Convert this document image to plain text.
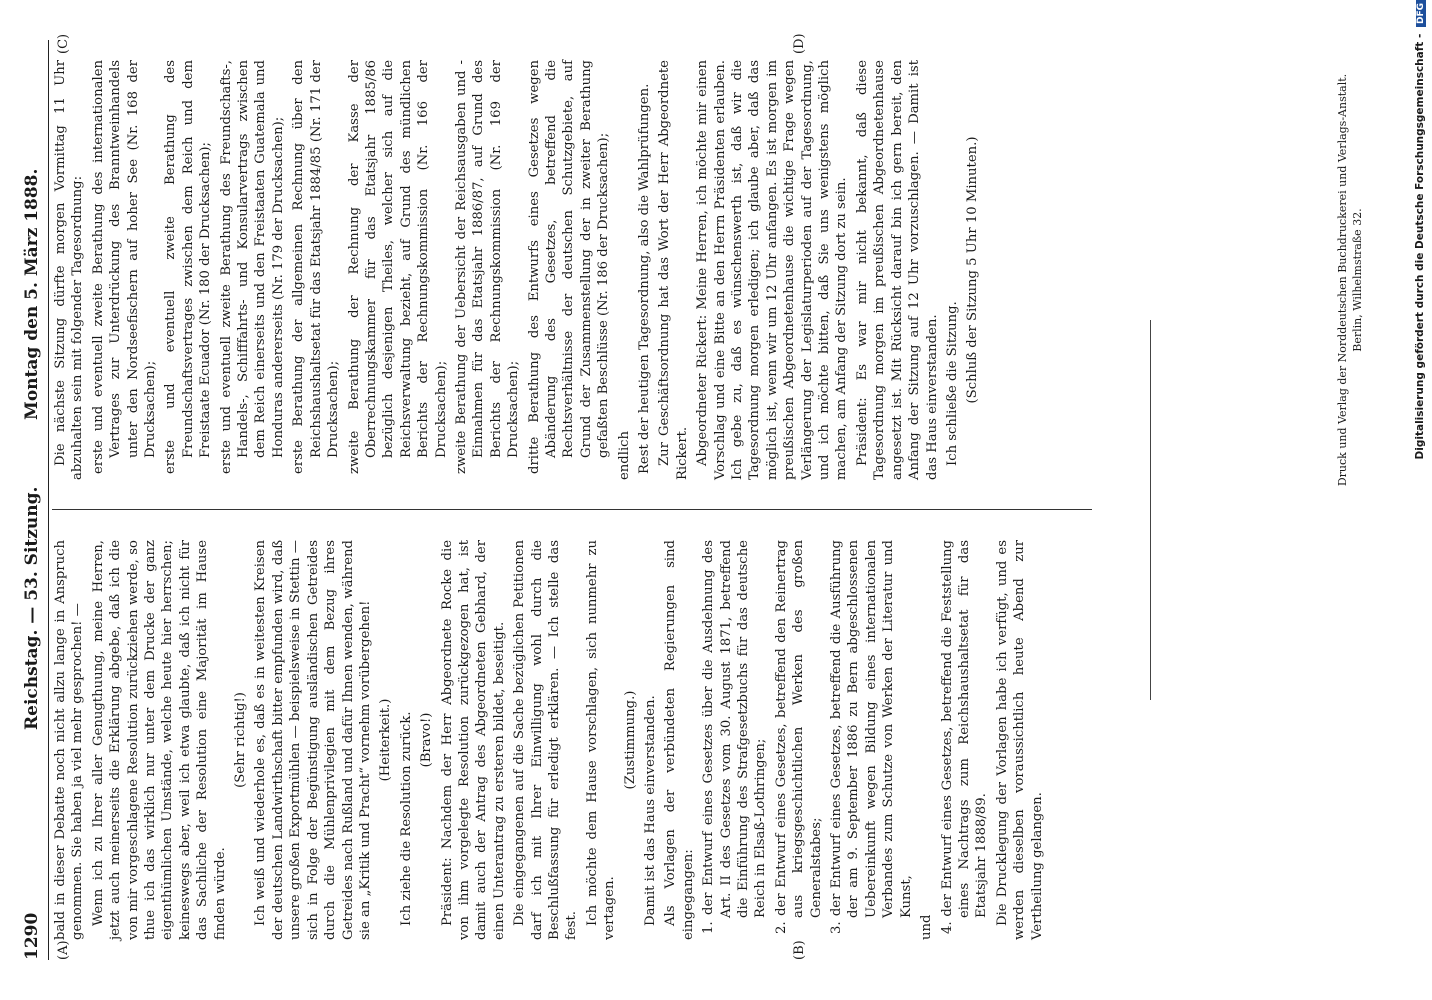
1290
Reichstag. — 53. Sitzung.
Montag den 5. März 1888.
(A)	(B)
(C)	(D)

bald in dieser Debatte noch nicht allzu lange in Anspruch genommen. Sie haben ja viel mehr gesprochen! — Wenn ich zu Ihrer aller Genugthuung, meine Herren, jetzt auch meinerseits die Erklärung abgebe, daß ich die von mir vorgeschlagene Resolution zurückziehen werde, so thue ich das wirklich nur unter dem Drucke der ganz eigenthümlichen Umstände, welche heute hier herrschen; keineswegs aber, weil ich etwa glaubte, daß ich nicht für das Sachliche der Resolution eine Majorität im Hause finden würde.

(Sehr richtig!) Ich weiß und wiederhole es, daß es in weitesten Kreisen der deutschen Landwirthschaft bitter empfunden wird, daß unsere großen Exportmühlen — beispielsweise in Stettin — sich in Folge der Begünstigung ausländischen Getreides durch die Mühlenprivilegien mit dem Bezug ihres Getreides nach Rußland und dafür Ihnen wenden, während sie an „Kritik und Pracht“ vornehm vorübergehen! (Heiterkeit.) Ich ziehe die Resolution zurück. (Bravo!) Präsident: Nachdem der Herr Abgeordnete Rocke die von ihm vorgelegte Resolution zurückgezogen hat, ist damit auch der Antrag des Abgeordneten Gebhard, der einen Unterantrag zu ersteren bildet, beseitigt. Die eingegangenen auf die Sache bezüglichen Petitionen darf ich mit Ihrer Einwilligung wohl durch die Beschlußfassung für erledigt erklären. — Ich stelle das fest. Ich möchte dem Hause vorschlagen, sich nunmehr zu vertagen.

(Zustimmung.) Damit ist das Haus einverstanden. Als Vorlagen der verbündeten Regierungen sind eingegangen: 1. der Entwurf eines Gesetzes über die Ausdehnung des Art. II des Gesetzes vom 30. August 1871, betreffend die Einführung des Strafgesetzbuchs für das deutsche Reich in Elsaß-Lothringen; 2. der Entwurf eines Gesetzes, betreffend den Reinertrag aus kriegsgeschichtlichen Werken des großen Generalstabes; 3. der Entwurf eines Gesetzes, betreffend die Ausführung der am 9. September 1886 zu Bern abgeschlossenen Uebereinkunft wegen Bildung eines internationalen Verbandes zum Schutze von Werken der Literatur und Kunst,

und 4. der Entwurf eines Gesetzes, betreffend die Feststellung eines Nachtrags zum Reichshaushaltsetat für das Etatsjahr 1888/89. Die Drucklegung der Vorlagen habe ich verfügt, und es werden dieselben voraussichtlich heute Abend zur Vertheilung gelangen.

Die nächste Sitzung dürfte morgen Vormittag 11 Uhr abzuhalten sein mit folgender Tagesordnung: erste und eventuell zweite Berathung des internationalen Vertrages zur Unterdrückung des Branntweinhandels unter den Nordseefischern auf hoher See (Nr. 168 der Drucksachen); erste und eventuell zweite Berathung des Freundschaftsvertrages zwischen dem Reich und dem Freistaate Ecuador (Nr. 180 der Drucksachen); erste und eventuell zweite Berathung des Freundschafts-, Handels-, Schifffahrts- und Konsularvertrags zwischen dem Reich einerseits und den Freistaaten Guatemala und Honduras andererseits (Nr. 179 der Drucksachen); erste Berathung der allgemeinen Rechnung über den Reichshaushaltsetat für das Etatsjahr 1884/85 (Nr. 171 der Drucksachen); zweite Berathung der Rechnung der Kasse der Oberrechnungskammer für das Etatsjahr 1885/86 bezüglich desjenigen Theiles, welcher sich auf die Reichsverwaltung bezieht, auf Grund des mündlichen Berichts der Rechnungskommission (Nr. 166 der Drucksachen); zweite Berathung der Uebersicht der Reichsausgaben und -Einnahmen für das Etatsjahr 1886/87, auf Grund des Berichts der Rechnungskommission (Nr. 169 der Drucksachen); dritte Berathung des Entwurfs eines Gesetzes wegen Abänderung des Gesetzes, betreffend die Rechtsverhältnisse der deutschen Schutzgebiete, auf Grund der Zusammenstellung der in zweiter Berathung gefaßten Beschlüsse (Nr. 186 der Drucksachen); endlich Rest der heutigen Tagesordnung, also die Wahlprüfungen. Zur Geschäftsordnung hat das Wort der Herr Abgeordnete Rickert. Abgeordneter Rickert: Meine Herren, ich möchte mir einen Vorschlag und eine Bitte an den Herrn Präsidenten erlauben. Ich gebe zu, daß es wünschenswerth ist, daß wir die Tagesordnung morgen erledigen; ich glaube aber, daß das möglich ist, wenn wir um 12 Uhr anfangen. Es ist morgen im preußischen Abgeordnetenhause die wichtige Frage wegen Verlängerung der Legislaturperioden auf der Tagesordnung, und ich möchte bitten, daß Sie uns wenigstens möglich machen, am Anfang der Sitzung dort zu sein. Präsident: Es war mir nicht bekannt, daß diese Tagesordnung morgen im preußischen Abgeordnetenhause angesetzt ist. Mit Rücksicht darauf bin ich gern bereit, den Anfang der Sitzung auf 12 Uhr vorzuschlagen. — Damit ist das Haus einverstanden. Ich schließe die Sitzung. (Schluß der Sitzung 5 Uhr 10 Minuten.)	Druck und Verlag der Norddeutschen Buchdruckerei und Verlags-Anstalt. Berlin, Wilhelmstraße 32.	Digitalisierung gefördert durch die Deutsche Forschungsgemeinschaft - DFG
